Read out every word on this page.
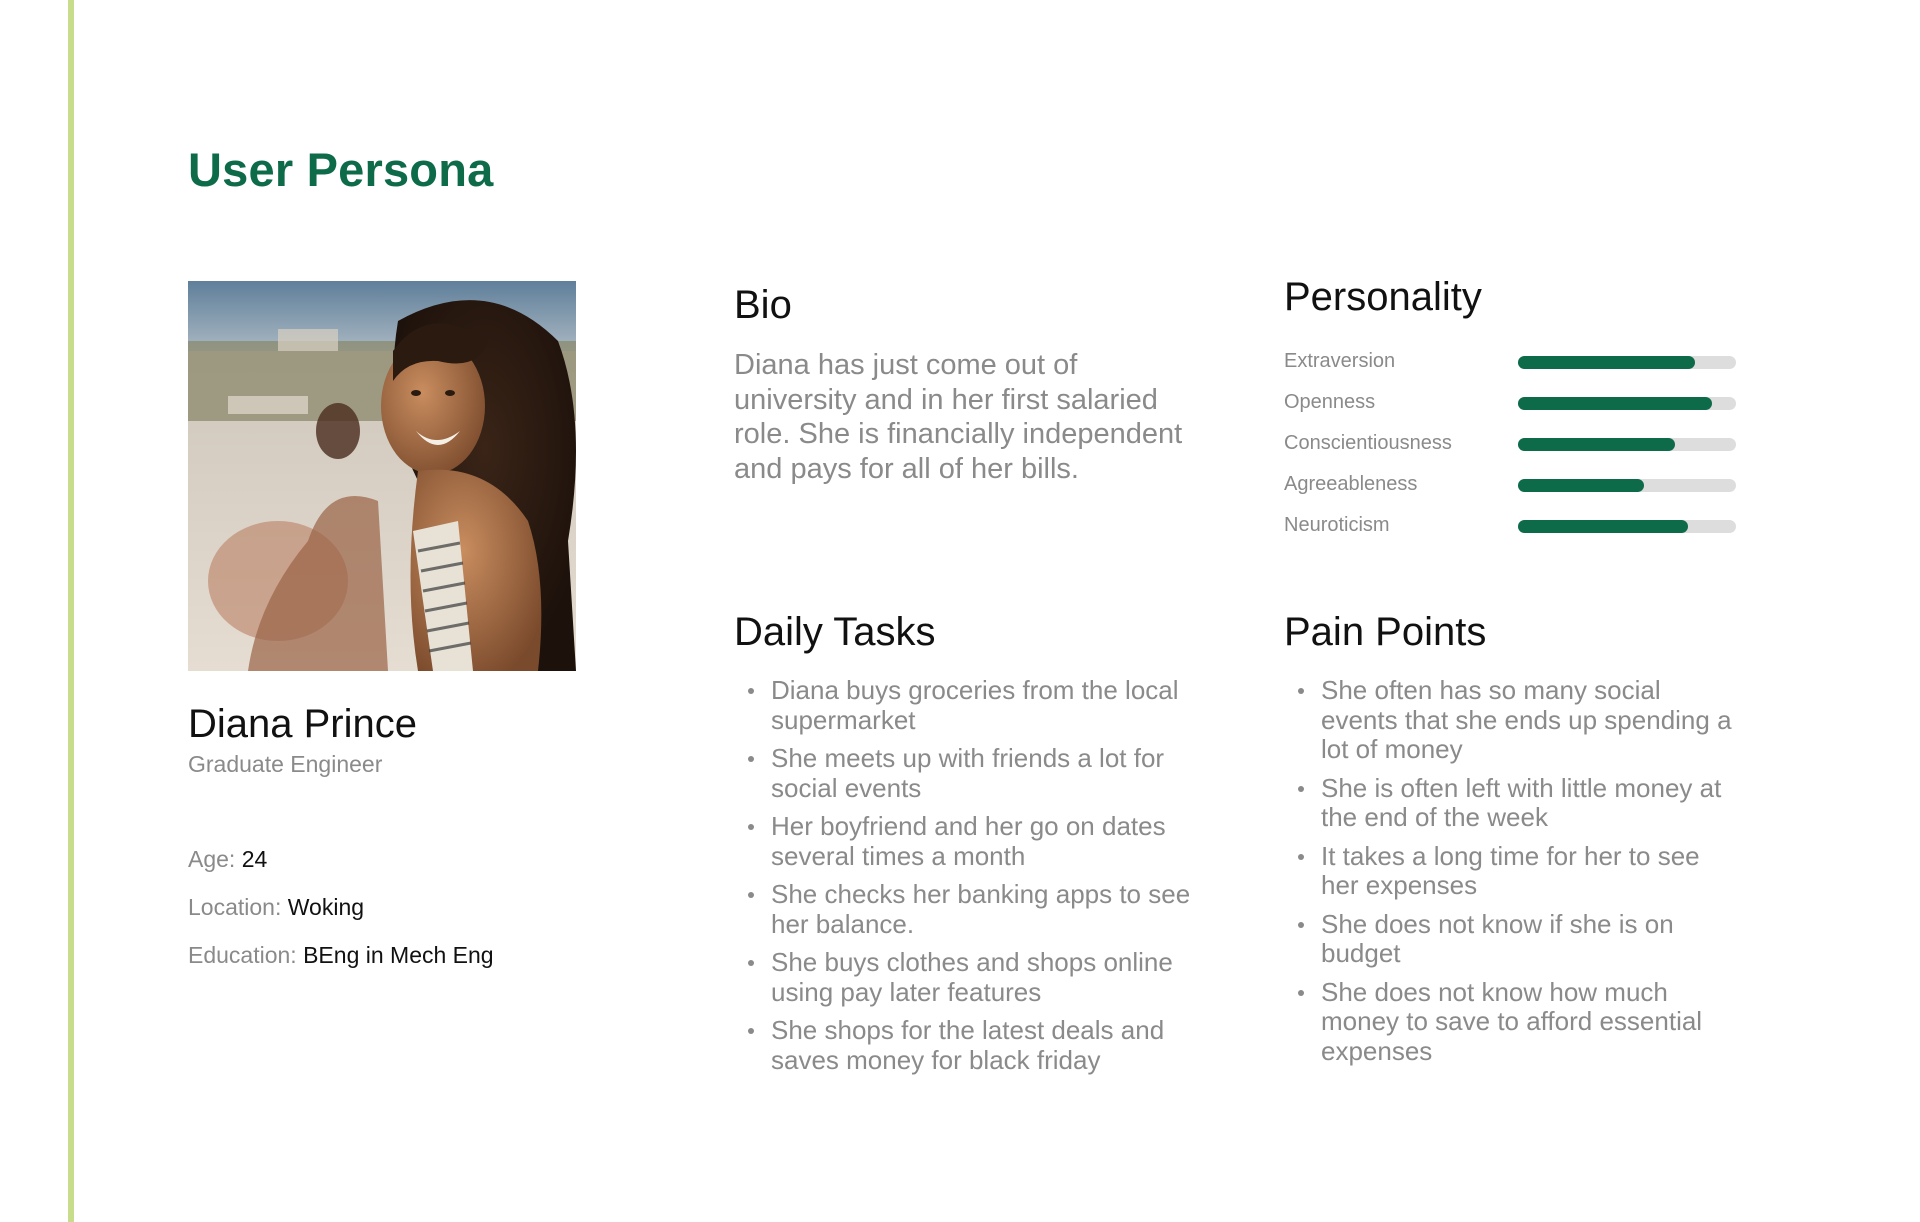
User Persona
Diana Prince
Graduate Engineer
Age: 24
Location: Woking
Education: BEng in Mech Eng
Bio
Diana has just come out of university and in her first salaried role. She is financially independent and pays for all of her bills.
Personality
Extraversion
Openness
Conscientiousness
Agreeableness
Neuroticism
Daily Tasks
Diana buys groceries from the local supermarket
She meets up with friends a lot for social events
Her boyfriend and her go on dates several times a month
She checks her banking apps to see her balance.
She buys clothes and shops online using pay later features
She shops for the latest deals and saves money for black friday
Pain Points
She often has so many social events that she ends up spending a lot of money
She is often left with little money at the end of the week
It takes a long time for her to see her expenses
She does not know if she is on budget
She does not know how much money to save to afford essential expenses
